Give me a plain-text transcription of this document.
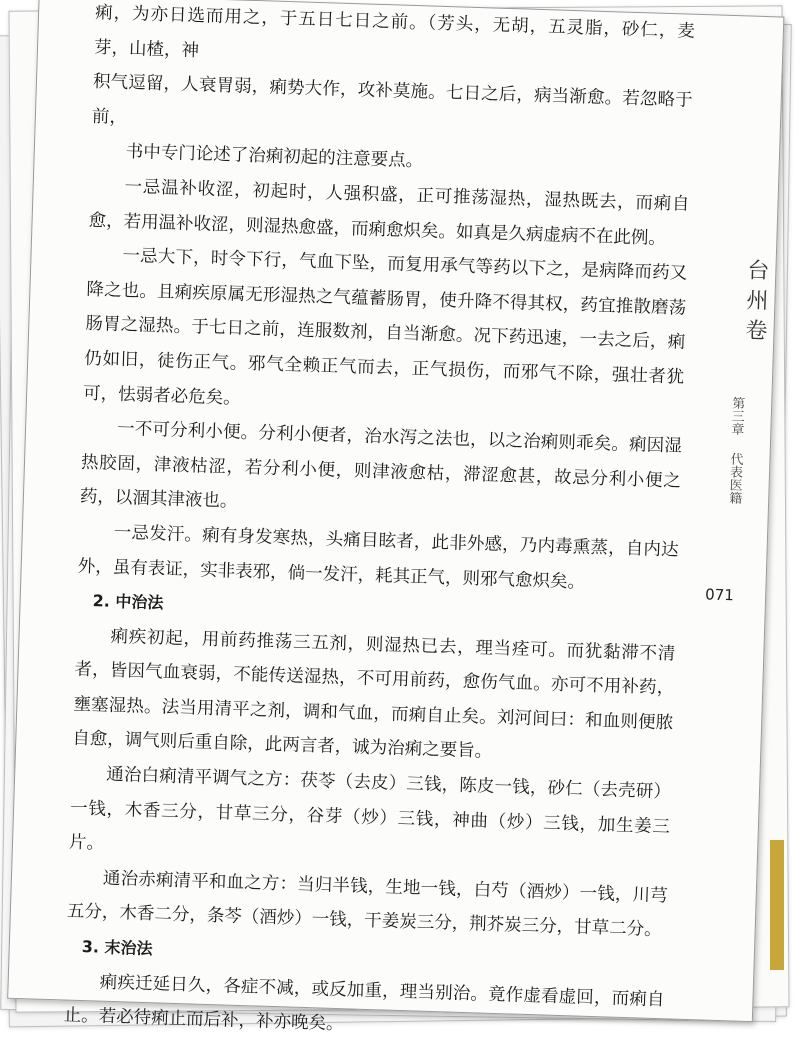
痢，为亦日选而用之，于五日七日之前。（芳头，无胡，五灵脂，砂仁，麦芽，山楂，神

积气逗留，人衰胃弱，痢势大作，攻补莫施。七日之后，病当渐愈。若忽略于前，

书中专门论述了治痢初起的注意要点。

一忌温补收涩，初起时，人强积盛，正可推荡湿热，湿热既去，而痢自愈，若用温补收涩，则湿热愈盛，而痢愈炽矣。如真是久病虚病不在此例。

一忌大下，时令下行，气血下坠，而复用承气等药以下之，是病降而药又降之也。且痢疾原属无形湿热之气蕴蓄肠胃，使升降不得其权，药宜推散磨荡肠胃之湿热。于七日之前，连服数剂，自当渐愈。况下药迅速，一去之后，痢仍如旧，徒伤正气。邪气全赖正气而去，正气损伤，而邪气不除，强壮者犹可，怯弱者必危矣。

一不可分利小便。分利小便者，治水泻之法也，以之治痢则乖矣。痢因湿热胶固，津液枯涩，若分利小便，则津液愈枯，滞涩愈甚，故忌分利小便之药，以涸其津液也。

一忌发汗。痢有身发寒热，头痛目眩者，此非外感，乃内毒熏蒸，自内达外，虽有表证，实非表邪，倘一发汗，耗其正气，则邪气愈炽矣。

2. 中治法

痢疾初起，用前药推荡三五剂，则湿热已去，理当痊可。而犹黏滞不清者，皆因气血衰弱，不能传送湿热，不可用前药，愈伤气血。亦可不用补药，壅塞湿热。法当用清平之剂，调和气血，而痢自止矣。刘河间曰：和血则便脓自愈，调气则后重自除，此两言者，诚为治痢之要旨。

通治白痢清平调气之方：茯苓（去皮）三钱，陈皮一钱，砂仁（去壳研）一钱，木香三分，甘草三分，谷芽（炒）三钱，神曲（炒）三钱，加生姜三片。

通治赤痢清平和血之方：当归半钱，生地一钱，白芍（酒炒）一钱，川芎五分，木香二分，条芩（酒炒）一钱，干姜炭三分，荆芥炭三分，甘草二分。

3. 末治法

痢疾迁延日久，各症不减，或反加重，理当别治。竟作虚看虚回，而痢自止。若必待痢止而后补，补亦晚矣。

台
州
卷
第三章
代表医籍
071
